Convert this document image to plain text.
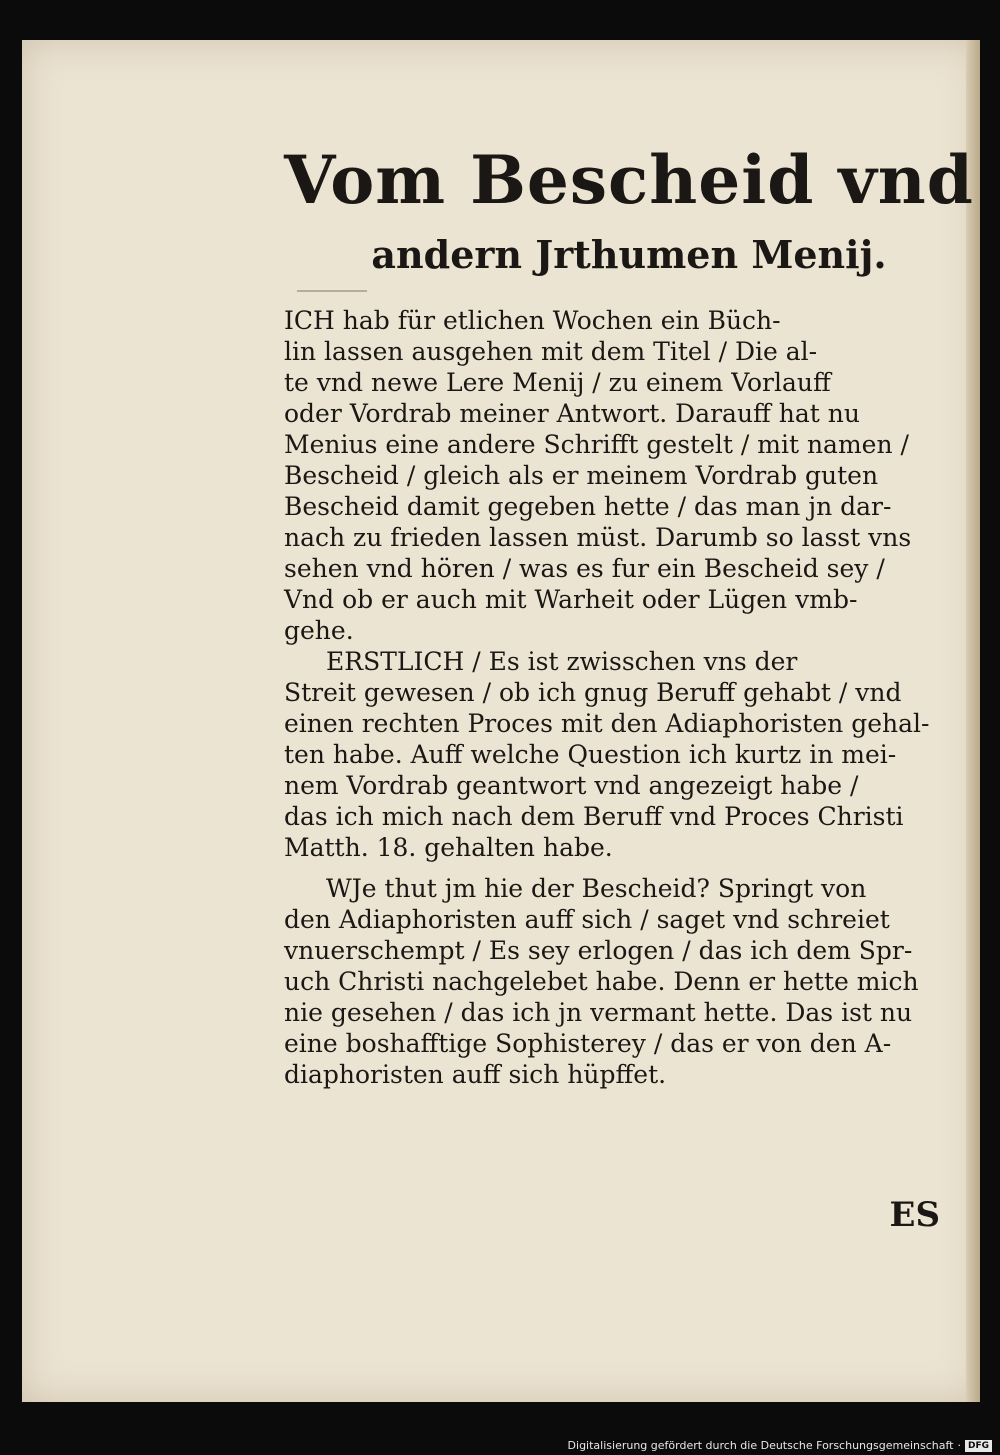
Vom Bescheid vnd
andern Jrthumen Menij.
ICH hab für etlichen Wochen ein Büch-
lin lassen ausgehen mit dem Titel / Die al-
te vnd newe Lere Menij / zu einem Vorlauff
oder Vordrab meiner Antwort. Darauff hat nu
Menius eine andere Schrifft gestelt / mit namen /
Bescheid / gleich als er meinem Vordrab guten
Bescheid damit gegeben hette / das man jn dar-
nach zu frieden lassen müst. Darumb so lasst vns
sehen vnd hören / was es fur ein Bescheid sey /
Vnd ob er auch mit Warheit oder Lügen vmb-
gehe.
ERSTLICH / Es ist zwisschen vns der
Streit gewesen / ob ich gnug Beruff gehabt / vnd
einen rechten Proces mit den Adiaphoristen gehal-
ten habe. Auff welche Question ich kurtz in mei-
nem Vordrab geantwort vnd angezeigt habe /
das ich mich nach dem Beruff vnd Proces Christi
Matth. 18. gehalten habe.
WJe thut jm hie der Bescheid? Springt von
den Adiaphoristen auff sich / saget vnd schreiet
vnuerschempt / Es sey erlogen / das ich dem Spr-
uch Christi nachgelebet habe. Denn er hette mich
nie gesehen / das ich jn vermant hette. Das ist nu
eine boshafftige Sophisterey / das er von den A-
diaphoristen auff sich hüpffet.
ES
Digitalisierung gefördert durch die Deutsche Forschungsgemeinschaft · DFG
